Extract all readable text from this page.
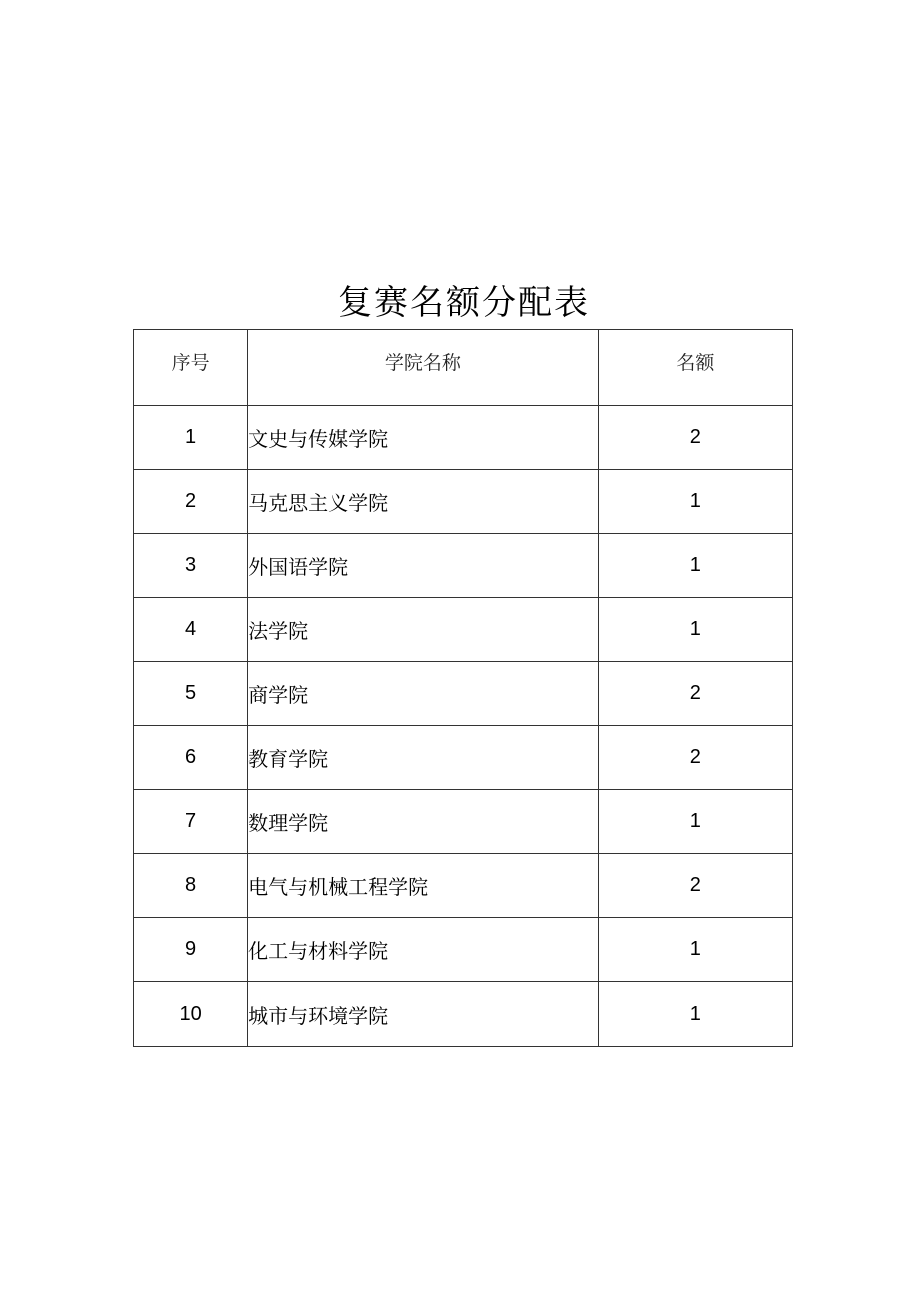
复赛名额分配表
序号	学院名称	名额
1	文史与传媒学院	2
2	马克思主义学院	1
3	外国语学院	1
4	法学院	1
5	商学院	2
6	教育学院	2
7	数理学院	1
8	电气与机械工程学院	2
9	化工与材料学院	1
10	城市与环境学院	1
